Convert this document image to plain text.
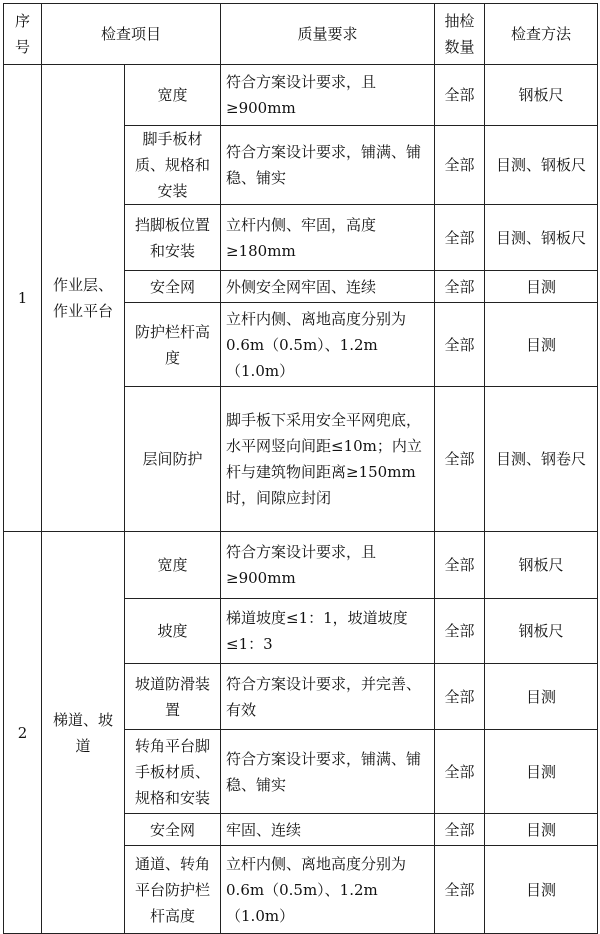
序号	检查项目		质量要求	抽检数量	检查方法
1	作业层、作业平台	宽度	符合方案设计要求，且≥900mm	全部	钢板尺
		脚手板材质、规格和安装	符合方案设计要求，铺满、铺稳、铺实	全部	目测、钢板尺
		挡脚板位置和安装	立杆内侧、牢固，高度≥180mm	全部	目测、钢板尺
		安全网	外侧安全网牢固、连续	全部	目测
		防护栏杆高度	立杆内侧、离地高度分别为 0.6m（0.5m）、1.2m（1.0m）	全部	目测
		层间防护	脚手板下采用安全平网兜底，水平网竖向间距≤10m；内立杆与建筑物间距离≥150mm 时，间隙应封闭	全部	目测、钢卷尺
2	梯道、坡道	宽度	符合方案设计要求，且≥900mm	全部	钢板尺
		坡度	梯道坡度≤1：1，坡道坡度≤1：3	全部	钢板尺
		坡道防滑装置	符合方案设计要求，并完善、有效	全部	目测
		转角平台脚手板材质、规格和安装	符合方案设计要求，铺满、铺稳、铺实	全部	目测
		安全网	牢固、连续	全部	目测
		通道、转角平台防护栏杆高度	立杆内侧、离地高度分别为 0.6m（0.5m）、1.2m（1.0m）	全部	目测
